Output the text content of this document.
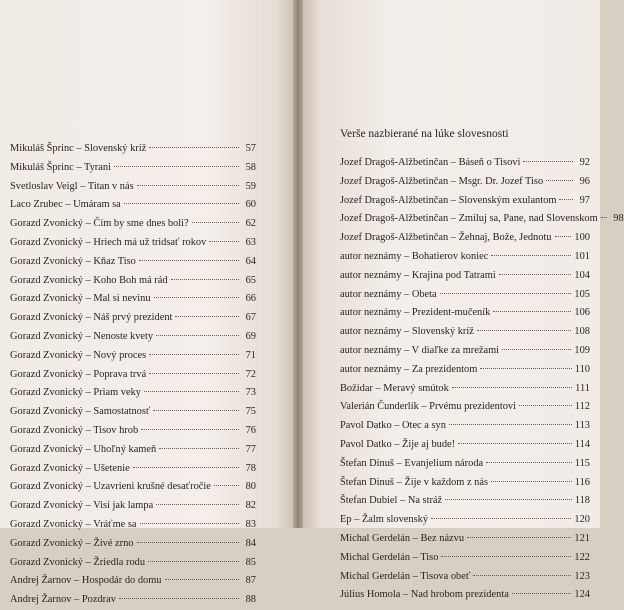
Mikuláš Šprinc – Slovenský kríž	57
Mikuláš Šprinc – Tyrani	58
Svetloslav Veigl – Titan v nás	59
Laco Zrubec – Umáram sa	60
Gorazd Zvonický – Čím by sme dnes boli?	62
Gorazd Zvonický – Hriech má už tridsať rokov	63
Gorazd Zvonický – Kňaz Tiso	64
Gorazd Zvonický – Koho Boh má rád	65
Gorazd Zvonický – Mal si nevinu	66
Gorazd Zvonický – Náš prvý prezident	67
Gorazd Zvonický – Nenoste kvety	69
Gorazd Zvonický – Nový proces	71
Gorazd Zvonický – Poprava trvá	72
Gorazd Zvonický – Priam veky	73
Gorazd Zvonický – Samostatnosť	75
Gorazd Zvonický – Tisov hrob	76
Gorazd Zvonický – Uhoľný kameň	77
Gorazd Zvonický – Ušetenie	78
Gorazd Zvonický – Uzavrieni krušné desaťročie	80
Gorazd Zvonický – Visí jak lampa	82
Gorazd Zvonický – Vráťme sa	83
Gorazd Zvonický – Živé zrno	84
Gorazd Zvonický – Žriedla rodu	85
Andrej Žarnov – Hospodár do domu	87
Andrej Žarnov – Pozdrav	88
Verše nazbierané na lúke slovesnosti
Jozef Dragoš-Alžbetinčan – Báseň o Tisovi	92
Jozef Dragoš-Alžbetinčan – Msgr. Dr. Jozef Tiso	96
Jozef Dragoš-Alžbetinčan – Slovenským exulantom	97
Jozef Dragoš-Alžbetinčan – Zmiluj sa, Pane, nad Slovenskom	98
Jozef Dragoš-Alžbetinčan – Žehnaj, Bože, Jednotu 100
autor neznámy – Bohatierov koniec	101
autor neznámy – Krajina pod Tatrami	104
autor neznámy – Obeta	105
autor neznámy – Prezident-mučeník	106
autor neznámy – Slovenský kríž	108
autor neznámy – V diaľke za mrežami	109
autor neznámy – Za prezidentom	110
Božidar – Meravý smútok	111
Valerián Čunderlík – Prvému prezidentovi	112
Pavol Datko – Otec a syn	113
Pavol Datko – Žije aj bude!	114
Štefan Dinuš – Evanjelium národa	115
Štefan Dinuš – Žije v každom z nás	116
Štefan Dubiel – Na stráž	118
Ep – Žalm slovenský	120
Michal Gerdelán – Bez názvu	121
Michal Gerdelán – Tiso	122
Michal Gerdelán – Tisova obeť	123
Július Homola – Nad hrobom prezidenta	124
